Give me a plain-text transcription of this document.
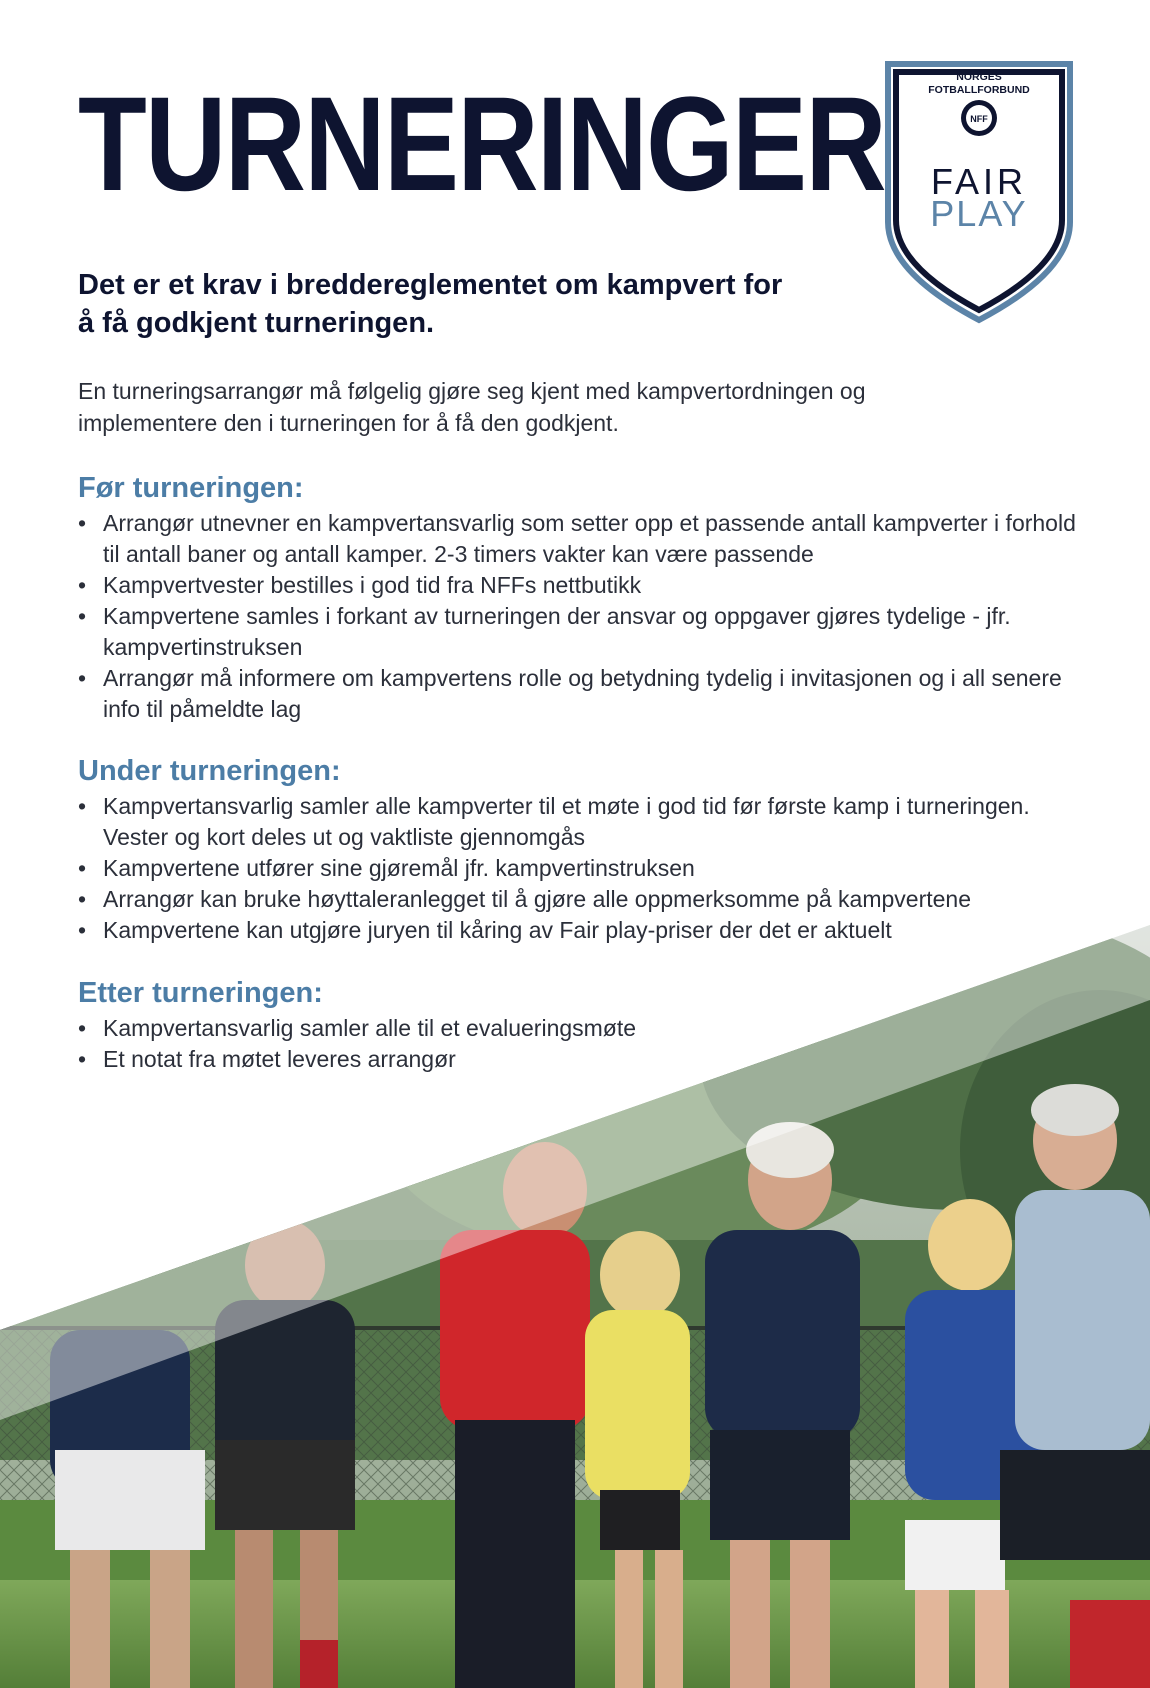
TURNERINGER	NORGES
FOTBALLFORBUND
NFF
FAIR
PLAY

Det er et krav i breddereglementet om kampvert for å få godkjent turneringen.

En turneringsarrangør må følgelig gjøre seg kjent med kampvertordningen og implementere den i turneringen for å få den godkjent.

Før turneringen:
• Arrangør utnevner en kampvertansvarlig som setter opp et passende antall kampverter i forhold til antall baner og antall kamper. 2-3 timers vakter kan være passende
• Kampvertvester bestilles i god tid fra NFFs nettbutikk
• Kampvertene samles i forkant av turneringen der ansvar og oppgaver gjøres tydelige - jfr. kampvertinstruksen
• Arrangør må informere om kampvertens rolle og betydning tydelig i invitasjonen og i all senere info til påmeldte lag
Under turneringen:
• Kampvertansvarlig samler alle kampverter til et møte i god tid før første kamp i turneringen. Vester og kort deles ut og vaktliste gjennomgås
• Kampvertene utfører sine gjøremål jfr. kampvertinstruksen
• Arrangør kan bruke høyttaleranlegget til å gjøre alle oppmerksomme på kampvertene
• Kampvertene kan utgjøre juryen til kåring av Fair play-priser der det er aktuelt
Etter turneringen:
• Kampvertansvarlig samler alle til et evalueringsmøte
• Et notat fra møtet leveres arrangør
